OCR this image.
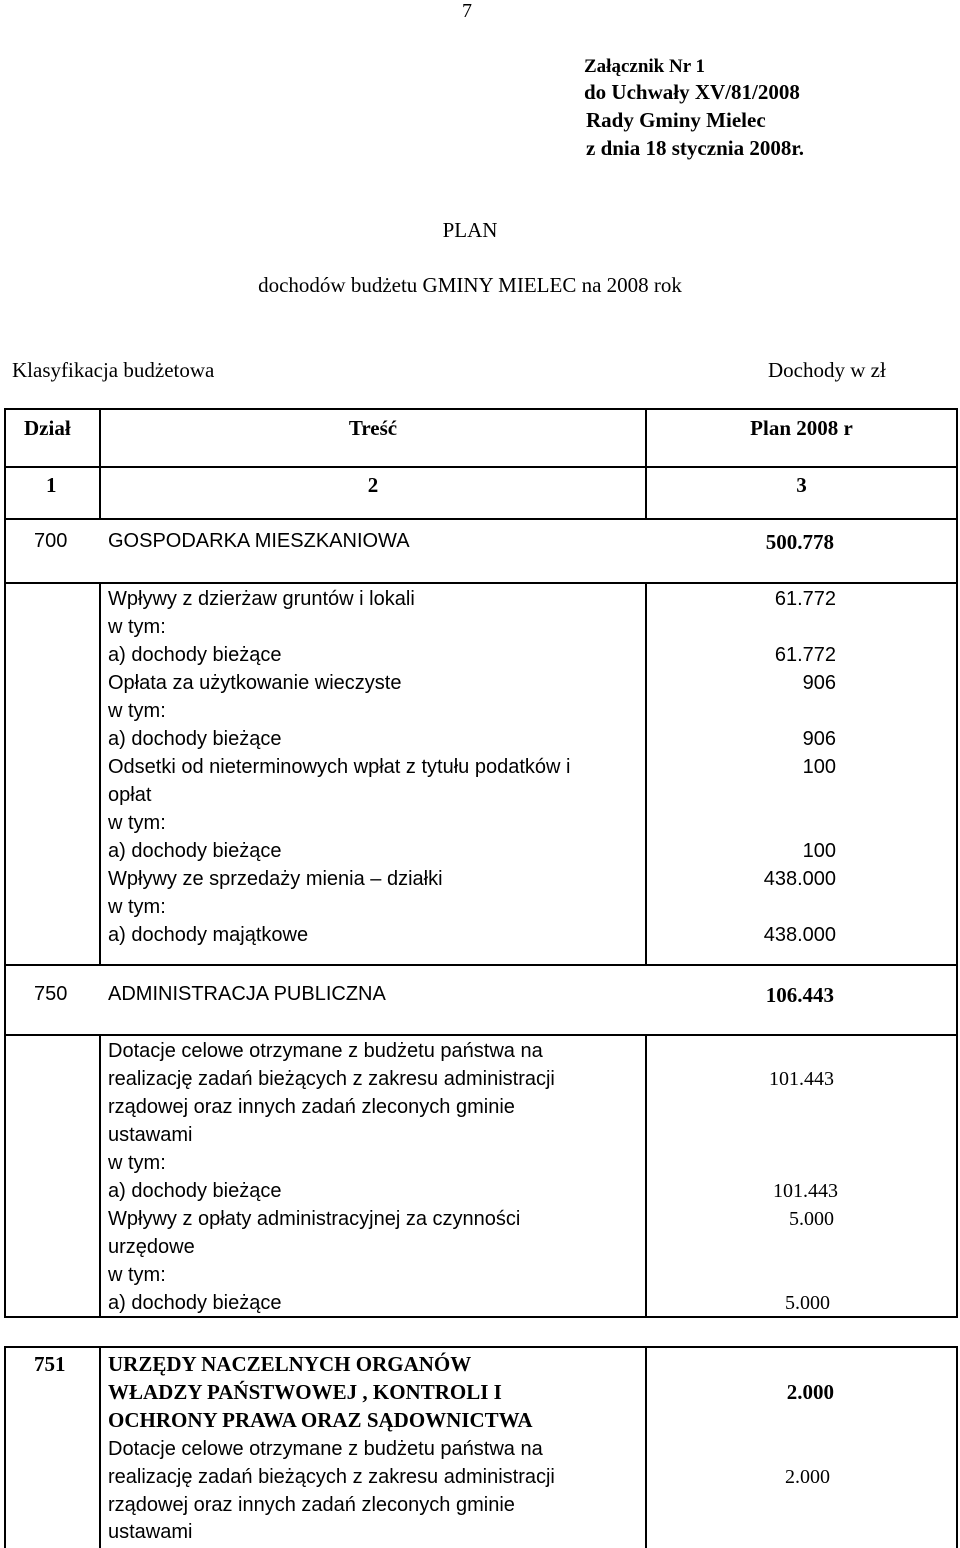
7
Załącznik Nr 1
do Uchwały XV/81/2008
Rady Gminy Mielec
z dnia 18 stycznia 2008r.
PLAN
dochodów budżetu GMINY MIELEC na 2008 rok
Klasyfikacja budżetowa	Dochody w zł
Dział	Treść	Plan 2008 r
1	2	3
700 GOSPODARKA MIESZKANIOWA	500.778
Wpływy z dzierżaw gruntów i lokali	61.772
w tym:
a) dochody bieżące	61.772
Opłata za użytkowanie wieczyste	906
w tym:
a) dochody bieżące	906
Odsetki od nieterminowych wpłat z tytułu podatków i	100
opłat
w tym:
a) dochody bieżące	100
Wpływy ze sprzedaży mienia – działki	438.000
w tym:
a) dochody majątkowe	438.000
750 ADMINISTRACJA PUBLICZNA	106.443
Dotacje celowe otrzymane z budżetu państwa na
realizację zadań bieżących z zakresu administracji	101.443
rządowej oraz innych zadań zleconych gminie
ustawami
w tym:
a) dochody bieżące	101.443
Wpływy z opłaty administracyjnej za czynności	5.000
urzędowe
w tym:
a) dochody bieżące	5.000
751 URZĘDY NACZELNYCH ORGANÓW
WŁADZY PAŃSTWOWEJ , KONTROLI I	2.000
OCHRONY PRAWA ORAZ SĄDOWNICTWA
Dotacje celowe otrzymane z budżetu państwa na
realizację zadań bieżących z zakresu administracji	2.000
rządowej oraz innych zadań zleconych gminie
ustawami
